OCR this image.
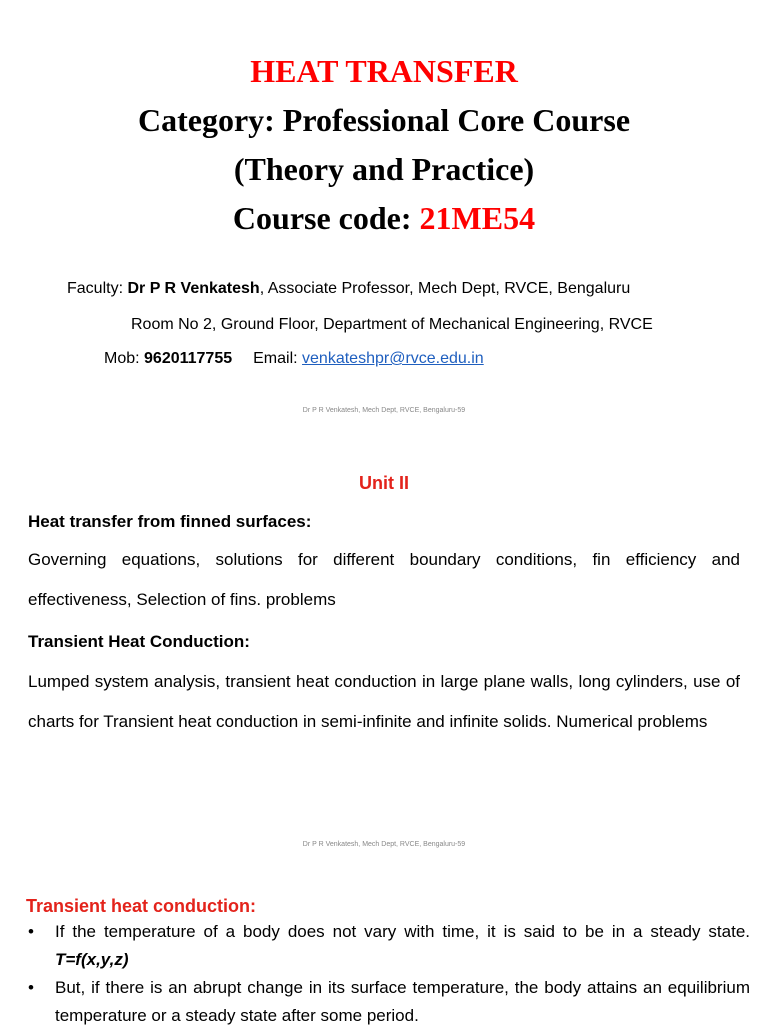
HEAT TRANSFER
Category: Professional Core Course
(Theory and Practice)
Course code: 21ME54
Faculty: Dr P R Venkatesh, Associate Professor, Mech Dept, RVCE, Bengaluru
Room No 2, Ground Floor, Department of Mechanical Engineering, RVCE
Mob: 9620117755 Email: venkateshpr@rvce.edu.in
Dr P R Venkatesh, Mech Dept, RVCE, Bengaluru-59
Unit II
Heat transfer from finned surfaces:
Governing equations, solutions for different boundary conditions, fin efficiency and effectiveness, Selection of fins. problems
Transient Heat Conduction:
Lumped system analysis, transient heat conduction in large plane walls, long cylinders, use of charts for Transient heat conduction in semi-infinite and infinite solids. Numerical problems
Dr P R Venkatesh, Mech Dept, RVCE, Bengaluru-59
Transient heat conduction:
• If the temperature of a body does not vary with time, it is said to be in a steady state. T=f(x,y,z)
• But, if there is an abrupt change in its surface temperature, the body attains an equilibrium temperature or a steady state after some period.
